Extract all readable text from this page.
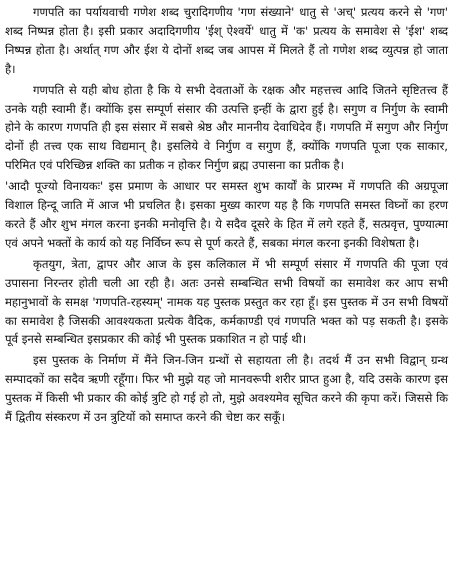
गणपति का पर्यायवाची गणेश शब्द चुरादिगणीय 'गण संख्याने' धातु से 'अच्' प्रत्यय करने से 'गण' शब्द निष्पन्न होता है। इसी प्रकार अदादिगणीय 'ईश् ऐश्वर्ये' धातु में 'क' प्रत्यय के समावेश से 'ईश' शब्द निष्पन्न होता है। अर्थात् गण और ईश ये दोनों शब्द जब आपस में मिलते हैं तो गणेश शब्द व्युत्पन्न हो जाता है।

गणपति से यही बोध होता है कि ये सभी देवताओं के रक्षक और महत्तत्त्व आदि जितने सृष्टितत्त्व हैं उनके यही स्वामी हैं। क्योंकि इस सम्पूर्ण संसार की उत्पत्ति इन्हीं के द्वारा हुई है। सगुण व निर्गुण के स्वामी होने के कारण गणपति ही इस संसार में सबसे श्रेष्ठ और माननीय देवाधिदेव हैं। गणपति में सगुण और निर्गुण दोनों ही तत्त्व एक साथ विद्यमान् है। इसलिये वे निर्गुण व सगुण हैं, क्योंकि गणपति पूजा एक साकार, परिमित एवं परिच्छिन्न शक्ति का प्रतीक न होकर निर्गुण ब्रह्म उपासना का प्रतीक है।

'आदौ पूज्यो विनायकः' इस प्रमाण के आधार पर समस्त शुभ कार्यों के प्रारम्भ में गणपति की अग्रपूजा विशाल हिन्दू जाति में आज भी प्रचलित है। इसका मुख्य कारण यह है कि गणपति समस्त विघ्नों का हरण करते हैं और शुभ मंगल करना इनकी मनोवृत्ति है। ये सदैव दूसरे के हित में लगे रहते हैं, सत्प्रवृत्त, पुण्यात्मा एवं अपने भक्तों के कार्य को यह निर्विघ्न रूप से पूर्ण करते हैं, सबका मंगल करना इनकी विशेषता है।

कृतयुग, त्रेता, द्वापर और आज के इस कलिकाल में भी सम्पूर्ण संसार में गणपति की पूजा एवं उपासना निरन्तर होती चली आ रही है। अतः उनसे सम्बन्धित सभी विषयों का समावेश कर आप सभी महानुभावों के समक्ष 'गणपति-रहस्यम्' नामक यह पुस्तक प्रस्तुत कर रहा हूँ। इस पुस्तक में उन सभी विषयों का समावेश है जिसकी आवश्यकता प्रत्येक वैदिक, कर्मकाण्डी एवं गणपति भक्त को पड़ सकती है। इसके पूर्व इनसे सम्बन्धित इसप्रकार की कोई भी पुस्तक प्रकाशित न हो पाई थी।

इस पुस्तक के निर्माण में मैंने जिन-जिन ग्रन्थों से सहायता ली है। तदर्थ मैं उन सभी विद्वान् ग्रन्थ सम्पादकों का सदैव ऋणी रहूँगा। फिर भी मुझे यह जो मानवरूपी शरीर प्राप्त हुआ है, यदि उसके कारण इस पुस्तक में किसी भी प्रकार की कोई त्रुटि हो गई हो तो, मुझे अवश्यमेव सूचित करने की कृपा करें। जिससे कि मैं द्वितीय संस्करण में उन त्रुटियों को समाप्त करने की चेष्टा कर सकूँ।
